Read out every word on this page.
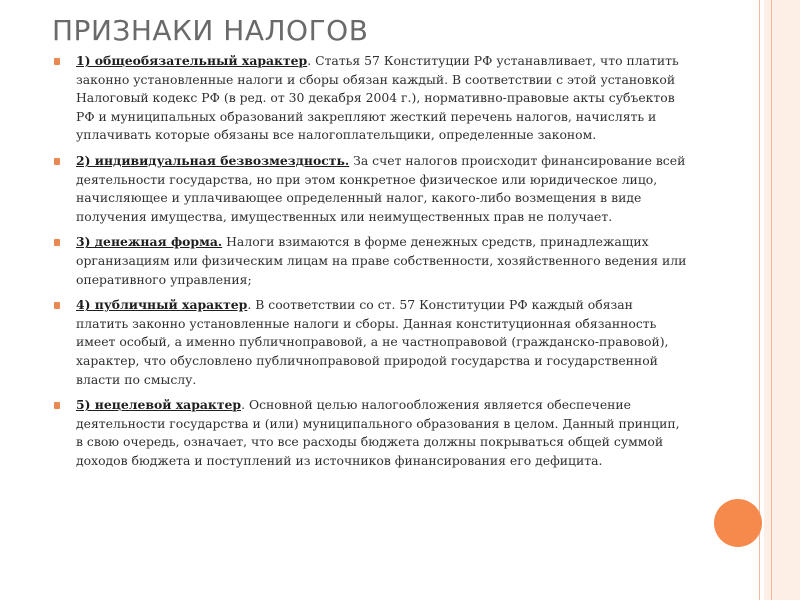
ПРИЗНАКИ НАЛОГОВ
1) общеобязательный характер. Статья 57 Конституции РФ устанавливает, что платить законно установленные налоги и сборы обязан каждый. В соответствии с этой установкой Налоговый кодекс РФ (в ред. от 30 декабря 2004 г.), нормативно-правовые акты субъектов РФ и муниципальных образований закрепляют жесткий перечень налогов, начислять и уплачивать которые обязаны все налогоплательщики, определенные законом.
2) индивидуальная безвозмездность. За счет налогов происходит финансирование всей деятельности государства, но при этом конкретное физическое или юридическое лицо, начисляющее и уплачивающее определенный налог, какого-либо возмещения в виде получения имущества, имущественных или неимущественных прав не получает.
3) денежная форма. Налоги взимаются в форме денежных средств, принадлежащих организациям или физическим лицам на праве собственности, хозяйственного ведения или оперативного управления;
4) публичный характер. В соответствии со ст. 57 Конституции РФ каждый обязан платить законно установленные налоги и сборы. Данная конституционная обязанность имеет особый, а именно публичноправовой, а не частноправовой (гражданско-правовой), характер, что обусловлено публичноправовой природой государства и государственной власти по смыслу.
5) нецелевой характер. Основной целью налогообложения является обеспечение деятельности государства и (или) муниципального образования в целом. Данный принцип, в свою очередь, означает, что все расходы бюджета должны покрываться общей суммой доходов бюджета и поступлений из источников финансирования его дефицита.
